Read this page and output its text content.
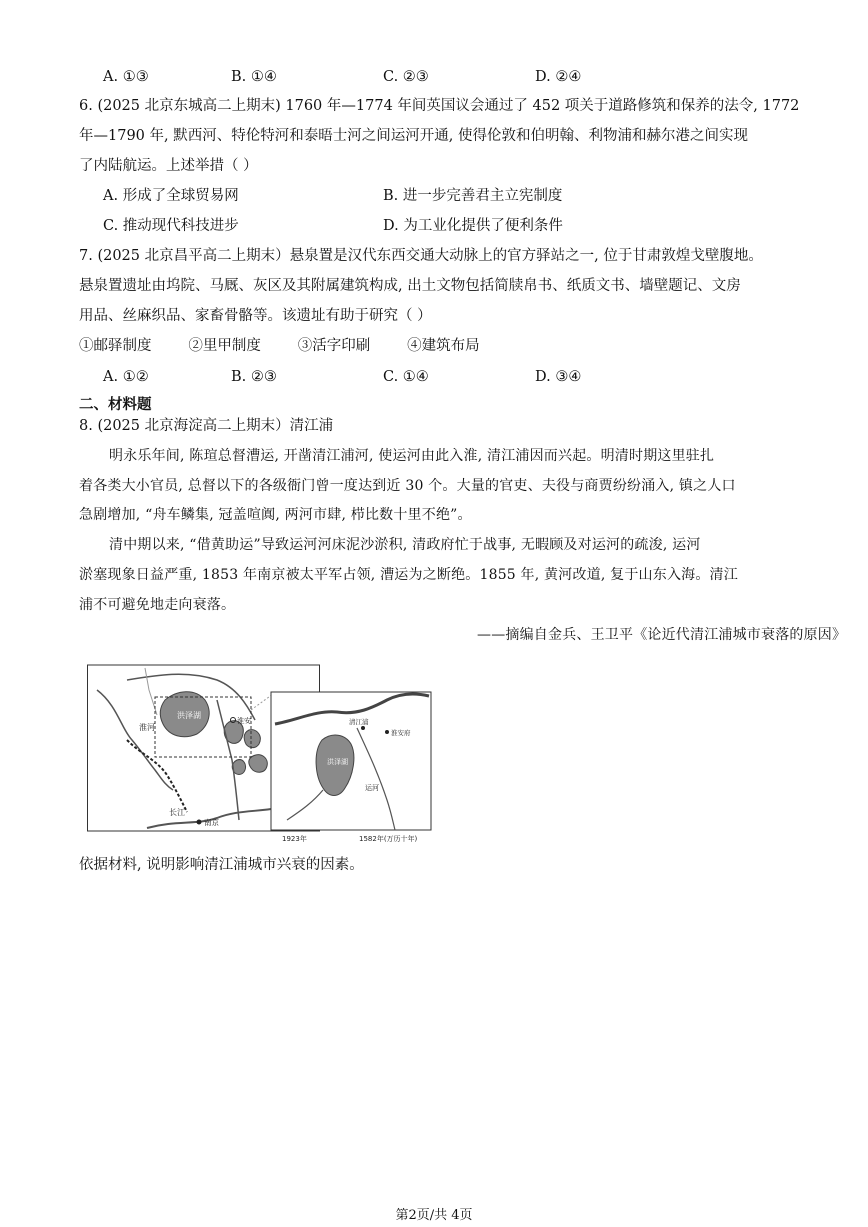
A. ①③	B. ①④	C. ②③	D. ②④
6. (2025 北京东城高二上期末) 1760 年—1774 年间英国议会通过了 452 项关于道路修筑和保养的法令, 1772
年—1790 年, 默西河、特伦特河和泰晤士河之间运河开通, 使得伦敦和伯明翰、利物浦和赫尔港之间实现
了内陆航运。上述举措（ ）
A. 形成了全球贸易网	B. 进一步完善君主立宪制度
C. 推动现代科技进步	D. 为工业化提供了便利条件
7. (2025 北京昌平高二上期末）悬泉置是汉代东西交通大动脉上的官方驿站之一, 位于甘肃敦煌戈壁腹地。
悬泉置遗址由坞院、马厩、灰区及其附属建筑构成, 出土文物包括简牍帛书、纸质文书、墙壁题记、文房
用品、丝麻织品、家畜骨骼等。该遗址有助于研究（ ）
①邮驿制度        ②里甲制度        ③活字印刷        ④建筑布局
A. ①②	B. ②③	C. ①④	D. ③④
二、材料题
8. (2025 北京海淀高二上期末）清江浦
明永乐年间, 陈瑄总督漕运, 开凿清江浦河, 使运河由此入淮, 清江浦因而兴起。明清时期这里驻扎
着各类大小官员, 总督以下的各级衙门曾一度达到近 30 个。大量的官吏、夫役与商贾纷纷涌入, 镇之人口
急剧增加, “舟车鳞集, 冠盖喧阗, 两河市肆, 栉比数十里不绝”。
清中期以来, “借黄助运”导致运河河床泥沙淤积, 清政府忙于战事, 无暇顾及对运河的疏浚, 运河
淤塞现象日益严重, 1853 年南京被太平军占领, 漕运为之断绝。1855 年, 黄河改道, 复于山东入海。清江
浦不可避免地走向衰落。
——摘编自金兵、王卫平《论近代清江浦城市衰落的原因》
洪泽湖
淮安
南京
淮河
长江
1923年
洪泽湖
清江浦
淮安府
运河
1582年(万历十年)
依据材料, 说明影响清江浦城市兴衰的因素。
第2页/共 4页
